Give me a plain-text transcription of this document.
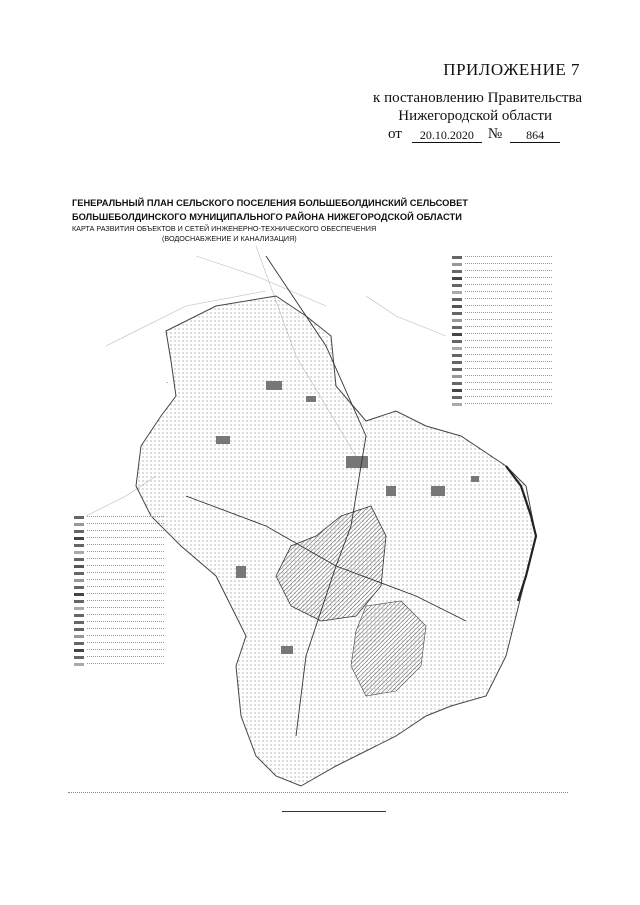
ПРИЛОЖЕНИЕ 7
к постановлению Правительства
Нижегородской области
от	20.10.2020 №	864
ГЕНЕРАЛЬНЫЙ ПЛАН СЕЛЬСКОГО ПОСЕЛЕНИЯ БОЛЬШЕБОЛДИНСКИЙ СЕЛЬСОВЕТ
БОЛЬШЕБОЛДИНСКОГО МУНИЦИПАЛЬНОГО РАЙОНА НИЖЕГОРОДСКОЙ ОБЛАСТИ
КАРТА РАЗВИТИЯ ОБЪЕКТОВ И СЕТЕЙ ИНЖЕНЕРНО-ТЕХНИЧЕСКОГО ОБЕСПЕЧЕНИЯ
(ВОДОСНАБЖЕНИЕ И КАНАЛИЗАЦИЯ)
-
